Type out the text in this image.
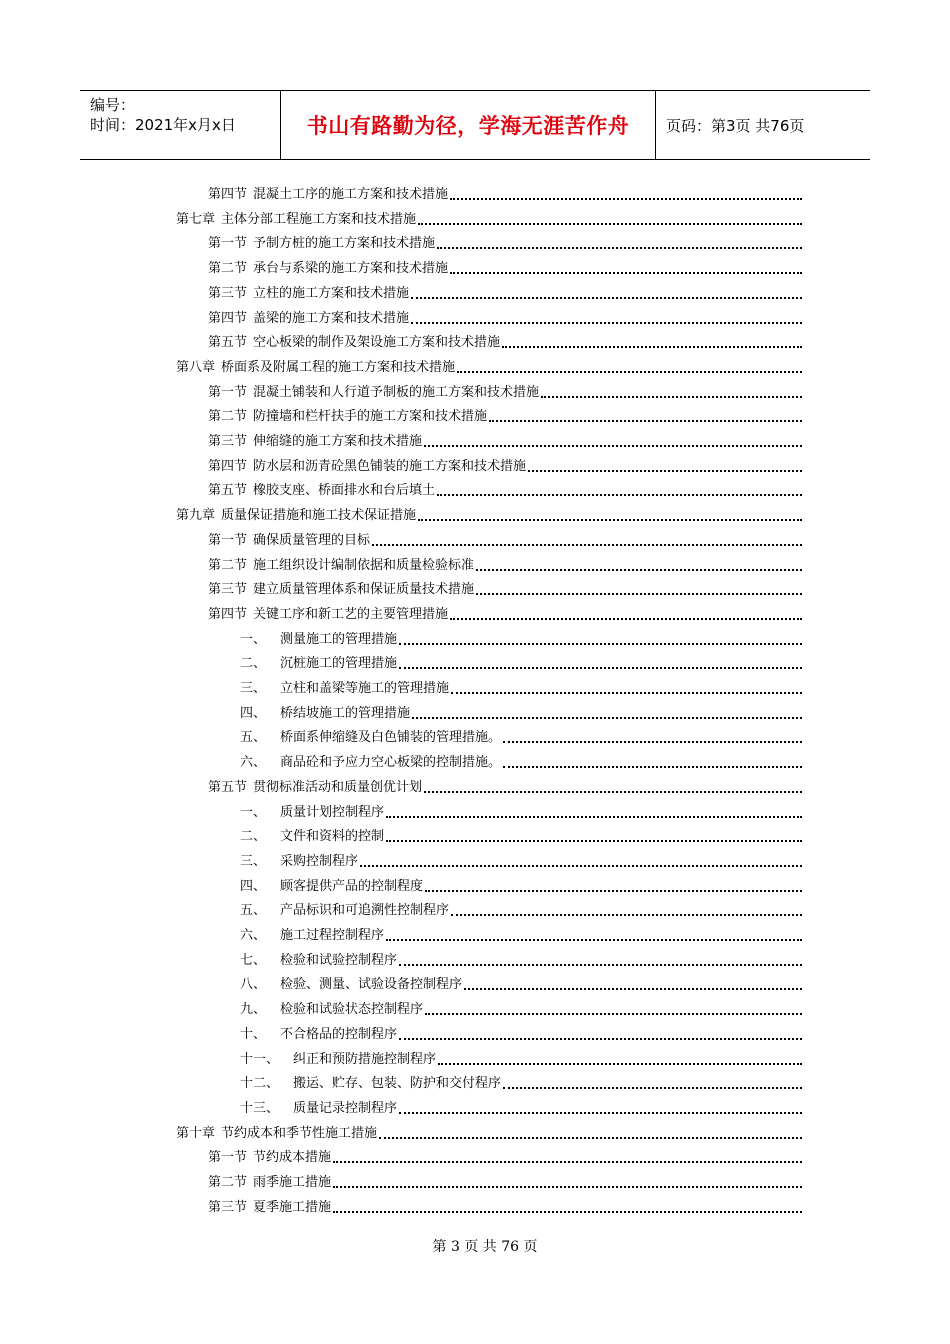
编号：
时间：2021年x月x日	书山有路勤为径，学海无涯苦作舟	页码：第3页 共76页
第四节 混凝土工序的施工方案和技术措施
第七章 主体分部工程施工方案和技术措施
第一节 予制方桩的施工方案和技术措施
第二节 承台与系梁的施工方案和技术措施
第三节 立柱的施工方案和技术措施
第四节 盖梁的施工方案和技术措施
第五节 空心板梁的制作及架设施工方案和技术措施
第八章 桥面系及附属工程的施工方案和技术措施
第一节 混凝土铺装和人行道予制板的施工方案和技术措施
第二节 防撞墙和栏杆扶手的施工方案和技术措施
第三节 伸缩缝的施工方案和技术措施
第四节 防水层和沥青砼黑色铺装的施工方案和技术措施
第五节 橡胶支座、桥面排水和台后填土
第九章 质量保证措施和施工技术保证措施
第一节 确保质量管理的目标
第二节 施工组织设计编制依据和质量检验标准
第三节 建立质量管理体系和保证质量技术措施
第四节 关键工序和新工艺的主要管理措施
一、 测量施工的管理措施
二、 沉桩施工的管理措施
三、 立柱和盖梁等施工的管理措施
四、 桥结坡施工的管理措施
五、 桥面系伸缩缝及白色铺装的管理措施。
六、 商品砼和予应力空心板梁的控制措施。
第五节 贯彻标准活动和质量创优计划
一、 质量计划控制程序
二、 文件和资料的控制
三、 采购控制程序
四、 顾客提供产品的控制程度
五、 产品标识和可追溯性控制程序
六、 施工过程控制程序
七、 检验和试验控制程序
八、 检验、测量、试验设备控制程序
九、 检验和试验状态控制程序
十、 不合格品的控制程序
十一、 纠正和预防措施控制程序
十二、 搬运、贮存、包装、防护和交付程序
十三、 质量记录控制程序
第十章 节约成本和季节性施工措施
第一节 节约成本措施
第二节 雨季施工措施
第三节 夏季施工措施
第 3 页 共 76 页
